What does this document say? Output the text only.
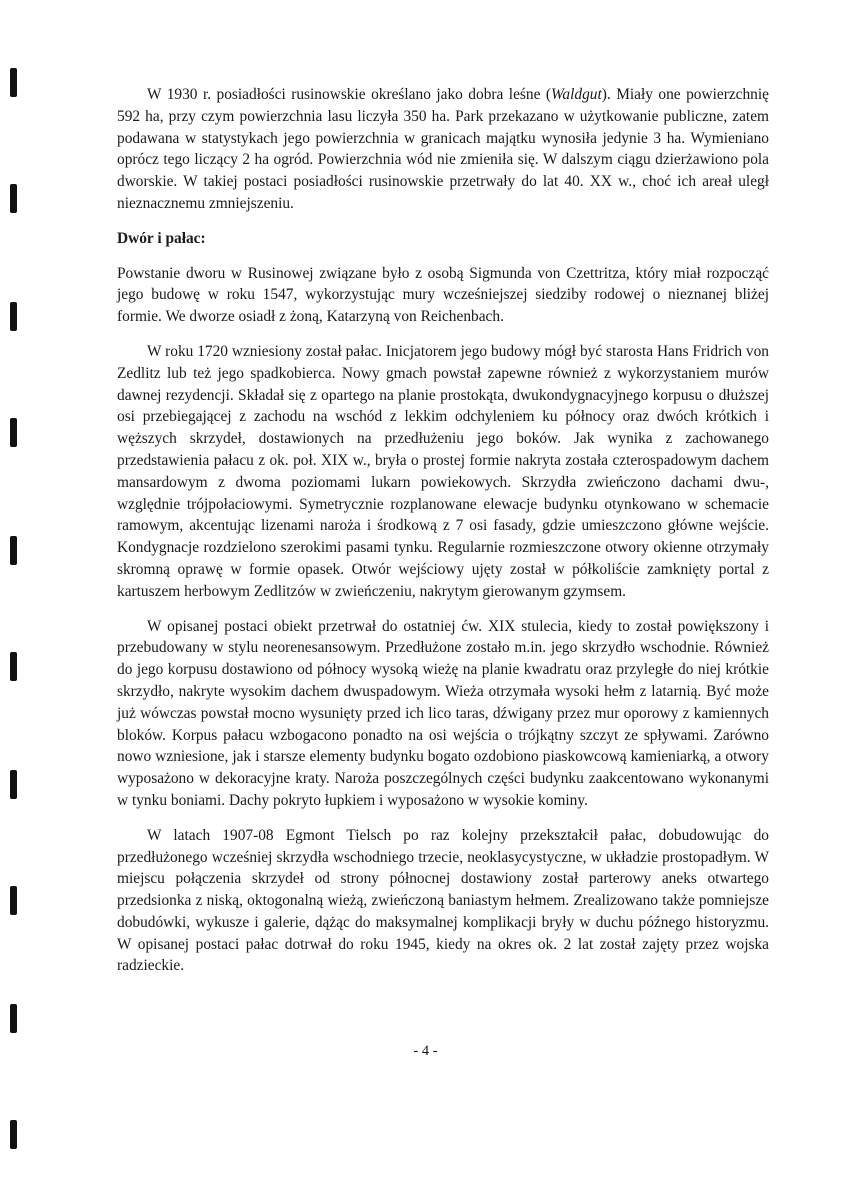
W 1930 r. posiadłości rusinowskie określano jako dobra leśne (Waldgut). Miały one powierzchnię 592 ha, przy czym powierzchnia lasu liczyła 350 ha. Park przekazano w użytkowanie publiczne, zatem podawana w statystykach jego powierzchnia w granicach majątku wynosiła jedynie 3 ha. Wymieniano oprócz tego liczący 2 ha ogród. Powierzchnia wód nie zmieniła się. W dalszym ciągu dzierżawiono pola dworskie. W takiej postaci posiadłości rusinowskie przetrwały do lat 40. XX w., choć ich areał uległ nieznacznemu zmniejszeniu.

Dwór i pałac:

Powstanie dworu w Rusinowej związane było z osobą Sigmunda von Czettritza, który miał rozpocząć jego budowę w roku 1547, wykorzystując mury wcześniejszej siedziby rodowej o nieznanej bliżej formie. We dworze osiadł z żoną, Katarzyną von Reichenbach.

W roku 1720 wzniesiony został pałac. Inicjatorem jego budowy mógł być starosta Hans Fridrich von Zedlitz lub też jego spadkobierca. Nowy gmach powstał zapewne również z wykorzystaniem murów dawnej rezydencji. Składał się z opartego na planie prostokąta, dwukondygnacyjnego korpusu o dłuższej osi przebiegającej z zachodu na wschód z lekkim odchyleniem ku północy oraz dwóch krótkich i węższych skrzydeł, dostawionych na przedłużeniu jego boków. Jak wynika z zachowanego przedstawienia pałacu z ok. poł. XIX w., bryła o prostej formie nakryta została czterospadowym dachem mansardowym z dwoma poziomami lukarn powiekowych. Skrzydła zwieńczono dachami dwu-, względnie trójpołaciowymi. Symetrycznie rozplanowane elewacje budynku otynkowano w schemacie ramowym, akcentując lizenami naroża i środkową z 7 osi fasady, gdzie umieszczono główne wejście. Kondygnacje rozdzielono szerokimi pasami tynku. Regularnie rozmieszczone otwory okienne otrzymały skromną oprawę w formie opasek. Otwór wejściowy ujęty został w półkoliście zamknięty portal z kartuszem herbowym Zedlitzów w zwieńczeniu, nakrytym gierowanym gzymsem.

W opisanej postaci obiekt przetrwał do ostatniej ćw. XIX stulecia, kiedy to został powiększony i przebudowany w stylu neorenesansowym. Przedłużone zostało m.in. jego skrzydło wschodnie. Również do jego korpusu dostawiono od północy wysoką wieżę na planie kwadratu oraz przyległe do niej krótkie skrzydło, nakryte wysokim dachem dwuspadowym. Wieża otrzymała wysoki hełm z latarnią. Być może już wówczas powstał mocno wysunięty przed ich lico taras, dźwigany przez mur oporowy z kamiennych bloków. Korpus pałacu wzbogacono ponadto na osi wejścia o trójkątny szczyt ze spływami. Zarówno nowo wzniesione, jak i starsze elementy budynku bogato ozdobiono piaskowcową kamieniarką, a otwory wyposażono w dekoracyjne kraty. Naroża poszczególnych części budynku zaakcentowano wykonanymi w tynku boniami. Dachy pokryto łupkiem i wyposażono w wysokie kominy.

W latach 1907-08 Egmont Tielsch po raz kolejny przekształcił pałac, dobudowując do przedłużonego wcześniej skrzydła wschodniego trzecie, neoklasycystyczne, w układzie prostopadłym. W miejscu połączenia skrzydeł od strony północnej dostawiony został parterowy aneks otwartego przedsionka z niską, oktogonalną wieżą, zwieńczoną baniastym hełmem. Zrealizowano także pomniejsze dobudówki, wykusze i galerie, dążąc do maksymalnej komplikacji bryły w duchu późnego historyzmu. W opisanej postaci pałac dotrwał do roku 1945, kiedy na okres ok. 2 lat został zajęty przez wojska radzieckie.

- 4 -
